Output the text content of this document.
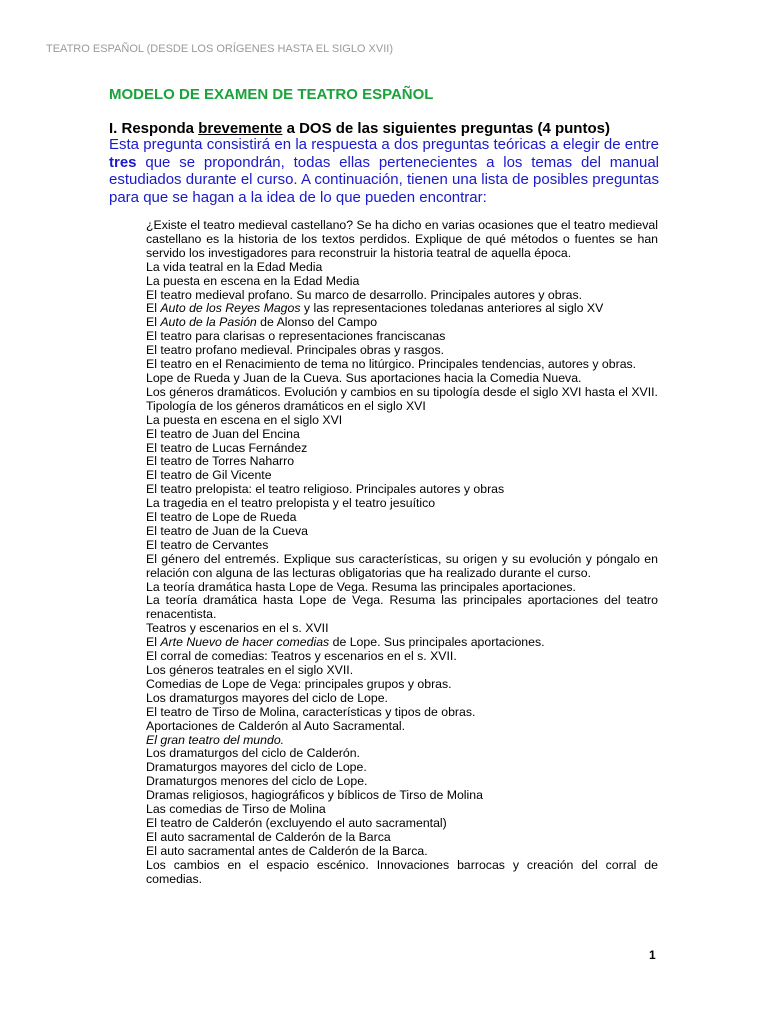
TEATRO ESPAÑOL (DESDE LOS ORÍGENES HASTA EL SIGLO XVII)
MODELO DE EXAMEN DE TEATRO ESPAÑOL
I. Responda brevemente a DOS de las siguientes preguntas (4 puntos)

Esta pregunta consistirá en la respuesta a dos preguntas teóricas a elegir de entre tres que se propondrán, todas ellas pertenecientes a los temas del manual estudiados durante el curso. A continuación, tienen una lista de posibles preguntas para que se hagan a la idea de lo que pueden encontrar:

¿Existe el teatro medieval castellano? Se ha dicho en varias ocasiones que el teatro medieval castellano es la historia de los textos perdidos. Explique de qué métodos o fuentes se han servido los investigadores para reconstruir la historia teatral de aquella época.
La vida teatral en la Edad Media
La puesta en escena en la Edad Media
El teatro medieval profano. Su marco de desarrollo. Principales autores y obras.
El Auto de los Reyes Magos y las representaciones toledanas anteriores al siglo XV
El Auto de la Pasión de Alonso del Campo
El teatro para clarisas o representaciones franciscanas
El teatro profano medieval. Principales obras y rasgos.
El teatro en el Renacimiento de tema no litúrgico. Principales tendencias, autores y obras.
Lope de Rueda y Juan de la Cueva. Sus aportaciones hacia la Comedia Nueva.
Los géneros dramáticos. Evolución y cambios en su tipología desde el siglo XVI hasta el XVII.
Tipología de los géneros dramáticos en el siglo XVI
La puesta en escena en el siglo XVI
El teatro de Juan del Encina
El teatro de Lucas Fernández
El teatro de Torres Naharro
El teatro de Gil Vicente
El teatro prelopista: el teatro religioso. Principales autores y obras
La tragedia en el teatro prelopista y el teatro jesuítico
El teatro de Lope de Rueda
El teatro de Juan de la Cueva
El teatro de Cervantes
El género del entremés. Explique sus características, su origen y su evolución y póngalo en relación con alguna de las lecturas obligatorias que ha realizado durante el curso.
La teoría dramática hasta Lope de Vega. Resuma las principales aportaciones.
La teoría dramática hasta Lope de Vega. Resuma las principales aportaciones del teatro renacentista.
Teatros y escenarios en el s. XVII
El Arte Nuevo de hacer comedias de Lope. Sus principales aportaciones.
El corral de comedias: Teatros y escenarios en el s. XVII.
Los géneros teatrales en el siglo XVII.
Comedias de Lope de Vega: principales grupos y obras.
Los dramaturgos mayores del ciclo de Lope.
El teatro de Tirso de Molina, características y tipos de obras.
Aportaciones de Calderón al Auto Sacramental.
El gran teatro del mundo.
Los dramaturgos del ciclo de Calderón.
Dramaturgos mayores del ciclo de Lope.
Dramaturgos menores del ciclo de Lope.
Dramas religiosos, hagiográficos y bíblicos de Tirso de Molina
Las comedias de Tirso de Molina
El teatro de Calderón (excluyendo el auto sacramental)
El auto sacramental de Calderón de la Barca
El auto sacramental antes de Calderón de la Barca.
Los cambios en el espacio escénico. Innovaciones barrocas y creación del corral de comedias.
1
